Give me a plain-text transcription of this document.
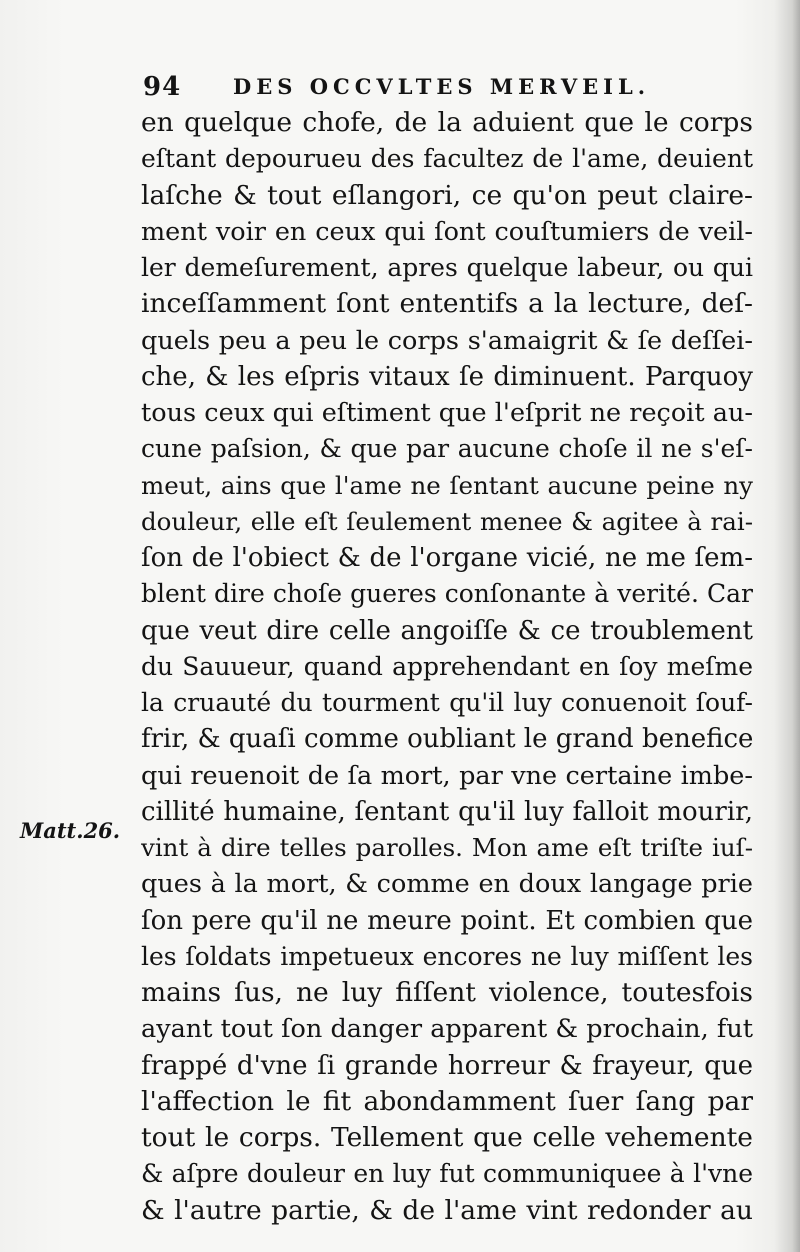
94 DES OCCVLTES MERVEIL.
Matt.26.
en quelque chofe, de la aduient que le corps
eſtant depourueu des facultez de l'ame, deuient
laſche & tout eſlangori, ce qu'on peut claire-
ment voir en ceux qui ſont couſtumiers de veil-
ler demeſurement, apres quelque labeur, ou qui
inceſſamment ſont ententifs a la lecture, deſ-
quels peu a peu le corps s'amaigrit & ſe deſſei-
che, & les eſpris vitaux ſe diminuent. Parquoy
tous ceux qui eſtiment que l'eſprit ne reçoit au-
cune paſsion, & que par aucune choſe il ne s'eſ-
meut, ains que l'ame ne ſentant aucune peine ny
douleur, elle eſt ſeulement menee & agitee à rai-
ſon de l'obiect & de l'organe vicié, ne me ſem-
blent dire choſe gueres conſonante à verité. Car
que veut dire celle angoiſſe & ce troublement
du Sauueur, quand apprehendant en ſoy meſme
la cruauté du tourment qu'il luy conuenoit ſouf-
frir, & quaſi comme oubliant le grand benefice
qui reuenoit de ſa mort, par vne certaine imbe-
cillité humaine, ſentant qu'il luy falloit mourir,
vint à dire telles parolles. Mon ame eſt triſte iuſ-
ques à la mort, & comme en doux langage prie
ſon pere qu'il ne meure point. Et combien que
les ſoldats impetueux encores ne luy miſſent les
mains ſus, ne luy fiſſent violence, toutesfois
ayant tout ſon danger apparent & prochain, fut
frappé d'vne ſi grande horreur & frayeur, que
l'affection le fit abondamment ſuer ſang par
tout le corps. Tellement que celle vehemente
& aſpre douleur en luy fut communiquee à l'vne
& l'autre partie, & de l'ame vint redonder au
